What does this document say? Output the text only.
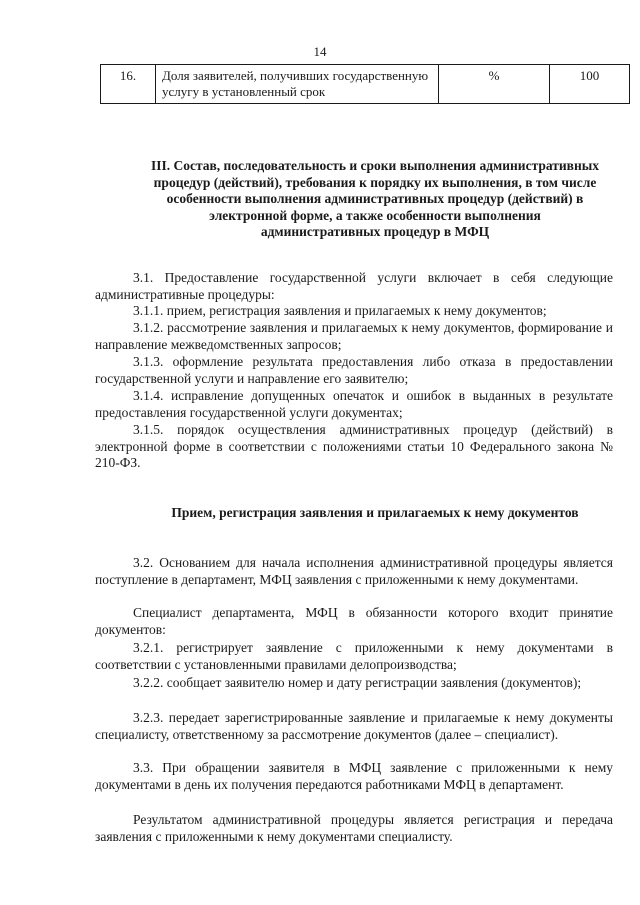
14
16.	Доля заявителей, получивших государственную услугу в установленный срок	%	100
III. Состав, последовательность и сроки выполнения административных процедур (действий), требования к порядку их выполнения, в том числе особенности выполнения административных процедур (действий) в электронной форме, а также особенности выполнения административных процедур в МФЦ
3.1. Предоставление государственной услуги включает в себя следующие административные процедуры:
3.1.1. прием, регистрация заявления и прилагаемых к нему документов;
3.1.2. рассмотрение заявления и прилагаемых к нему документов, формирование и направление межведомственных запросов;
3.1.3. оформление результата предоставления либо отказа в предоставлении государственной услуги и направление его заявителю;
3.1.4. исправление допущенных опечаток и ошибок в выданных в результате предоставления государственной услуги документах;
3.1.5. порядок осуществления административных процедур (действий) в электронной форме в соответствии с положениями статьи 10 Федерального закона № 210-ФЗ.
Прием, регистрация заявления и прилагаемых к нему документов
3.2. Основанием для начала исполнения административной процедуры является поступление в департамент, МФЦ заявления с приложенными к нему документами.
Специалист департамента, МФЦ в обязанности которого входит принятие документов:
3.2.1. регистрирует заявление с приложенными к нему документами в соответствии с установленными правилами делопроизводства;
3.2.2. сообщает заявителю номер и дату регистрации заявления (документов);
3.2.3. передает зарегистрированные заявление и прилагаемые к нему документы специалисту, ответственному за рассмотрение документов (далее – специалист).
3.3. При обращении заявителя в МФЦ заявление с приложенными к нему документами в день их получения передаются работниками МФЦ в департамент.
Результатом административной процедуры является регистрация и передача заявления с приложенными к нему документами специалисту.
